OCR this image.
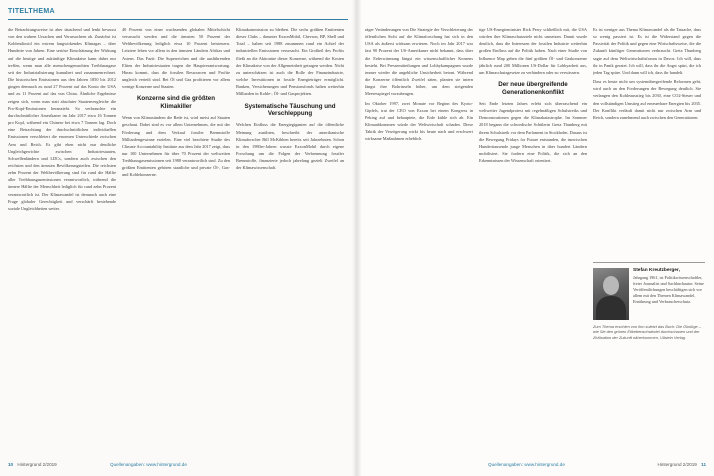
TITELTHEMA

die Betrachtungsweise ist aber täuschend und lenkt bewusst von den wahren Ursachen und Verursachern ab. Zunächst ist Kohlendioxid ein extrem langwirkendes Klimagas – über Hunderte von Jahren. Eine seriöse Einschätzung der Wirkung auf die heutige und zukünftige Klimakrise kann daher nur treffen, wenn man alle menschengemachten Treibhausgase seit der Industrialisierung kumuliert und zusammenrechnet. Die historischen Emissionen aus den Jahren 1850 bis 2012 gingen demnach zu rund 27 Prozent auf das Konto der USA und zu 11 Prozent auf das von China. Ähnliche Ergebnisse zeigen sich, wenn man statt absoluter Staatenvergleiche die Pro-Kopf-Emissionen heranzieht. So verbrauchte ein durchschnittlicher Amerikaner im Jahr 2017 etwa 16 Tonnen pro Kopf, während ein Chinese bei etwa 7 Tonnen lag. Doch eine Betrachtung der durchschnittlichen individuellen Emissionen verschleiert die enormen Unterschiede zwischen Arm und Reich. Es gibt eben nicht nur deutliche Ungleichgewichte zwischen Industriestaaten, Schwellenländern und LDCs, sondern auch zwischen den reichsten und den ärmsten Bevölkerungsteilen. Die reichsten zehn Prozent der Weltbevölkerung sind für rund die Hälfte aller Treibhausgasemissionen verantwortlich, während die ärmere Hälfte der Menschheit lediglich für rund zehn Prozent verantwortlich ist. Der Klimawandel ist demnach auch eine Frage globaler Gerechtigkeit und verschärft bestehende soziale Ungleichheiten weiter.

40 Prozent von einer wachsenden globalen Mittelschicht verursacht werden und die ärmsten 50 Prozent der Weltbevölkerung lediglich etwa 10 Prozent beisteuern. Letztere leben vor allem in den ärmsten Ländern Afrikas und Asiens. Das Fazit: Die Superreichen und die ausführenden Eliten der Industriestaaten tragen die Hauptverantwortung. Hinzu kommt, dass die fossilen Ressourcen und Profite ungleich verteilt sind. Bei Öl und Gas profitieren vor allem wenige Konzerne und Staaten.

Konzerne sind die größten Klimakiller

Wenn von Klimasündern die Rede ist, wird meist auf Staaten geschaut. Dabei sind es vor allem Unternehmen, die mit der Förderung und dem Verkauf fossiler Brennstoffe Milliardengewinne erzielen. Eine viel beachtete Studie des Climate Accountability Institute aus dem Jahr 2017 zeigt, dass nur 100 Unternehmen für über 70 Prozent der weltweiten Treibhausgasemissionen seit 1988 verantwortlich sind. Zu den größten Emittenten gehören staatliche und private Öl-, Gas- und Kohlekonzerne.

Klimakommission zu bleiben. Die sechs größten Emittenten dieser Clubs – darunter ExxonMobil, Chevron, BP, Shell und Total – haben seit 1988 zusammen rund ein Achtel der industriellen Emissionen verursacht. Ein Großteil des Profits fließt an die Aktionäre dieser Konzerne, während die Kosten der Klimakrise von der Allgemeinheit getragen werden. Nicht zu unterschätzen ist auch die Rolle der Finanzindustrie, welche Investitionen in fossile Energieträger ermöglicht. Banken, Versicherungen und Pensionsfonds halten weiterhin Milliarden in Kohle-, Öl- und Gasprojekten.

Systematische Täuschung und Verschleppung

Welchen Einfluss die Energiegiganten auf die öffentliche Meinung ausübten, beschreibt der amerikanische Klimaforscher Bill McKibben bereits seit Jahrzehnten. Schon in den 1980er-Jahren wusste ExxonMobil durch eigene Forschung um die Folgen der Verbrennung fossiler Brennstoffe, finanzierte jedoch jahrelang gezielt Zweifel an der Klimawissenschaft.

räger Veränderungen von Die Strategie der Verschleierung der öffentlichen Sicht auf die Klimaforschung hat sich in den USA als äußerst wirksam erwiesen. Noch im Jahr 2017 war fast 90 Prozent der US-Amerikaner nicht bekannt, dass über die Erderwärmung längst ein wissenschaftlicher Konsens besteht. Bei Pressemitteilungen und Lobbykampagnen wurde immer wieder die angebliche Unsicherheit betont. Während die Konzerne öffentlich Zweifel säten, planten sie intern längst ihre Bohrinseln höher, um dem steigenden Meeresspiegel vorzubeugen.

Im Oktober 1997, zwei Monate vor Beginn des Kyoto-Gipfels, trat der CEO von Exxon bei einem Kongress in Peking auf und behauptete, die Erde kühle sich ab. Ein Klimaabkommen würde der Weltwirtschaft schaden. Diese Taktik der Verzögerung wirkt bis heute nach und erschwert wirksame Maßnahmen erheblich.

tige US-Energieminister Rick Perry schließlich mit, die USA würden ihre Klimaschutzziele nicht umsetzen. Damit wurde deutlich, dass die Interessen der fossilen Industrie weiterhin großen Einfluss auf die Politik haben. Nach einer Studie von Influence Map geben die fünf größten Öl- und Gaskonzerne jährlich rund 200 Millionen US-Dollar für Lobbyarbeit aus, um Klimaschutzgesetze zu verhindern oder zu verwässern.

Der neue übergreifende Generationenkonflikt

Seit Ende letzten Jahres erlebt sich überraschend ein weltweiter Jugendprotest mit regelmäßigen Schulstreiks und Demonstrationen gegen die Klimakatastrophe. Im Sommer 2018 begann die schwedische Schülerin Greta Thunberg mit ihrem Schulstreik vor dem Parlament in Stockholm. Daraus ist die Bewegung Fridays for Future entstanden, die inzwischen Hunderttausende junge Menschen in über hundert Ländern mobilisiert. Sie fordern eine Politik, die sich an den Erkenntnissen der Wissenschaft orientiert.

Es ist weniger aus Thema Klimawandel als die Tatsache, dass so wenig passiert ist. Es ist die Widerstand gegen die Passivität der Politik und gegen eine Wirtschaftsweise, die die Zukunft künftiger Generationen verbraucht. Greta Thunberg sagte auf dem Weltwirtschaftsforum in Davos: Ich will, dass ihr in Panik geratet. Ich will, dass ihr die Angst spürt, die ich jeden Tag spüre. Und dann will ich, dass ihr handelt.

Dass es heute nicht um systemübergreifende Reformen geht, wird auch an den Forderungen der Bewegung deutlich. Sie verlangen den Kohleausstieg bis 2030, eine CO2-Steuer und den vollständigen Umstieg auf erneuerbare Energien bis 2035. Der Konflikt verläuft damit nicht nur zwischen Arm und Reich, sondern zunehmend auch zwischen den Generationen.

Stefan Kreutzberger,
Jahrgang 1961, ist Politikwissenschaftler, freier Journalist und Sachbuchautor. Seine Veröffentlichungen beschäftigen sich vor allem mit den Themen Klimawandel, Ernährung und Verbraucherschutz.
Zum Thema erschien von ihm zuletzt das Buch: Die Ökolüge – wie Sie den grünen Etikettenschwindel durchschauen und der Zivilisation der Zukunft näherkommen, Ullstein Verlag.
10 Hintergrund 2/2019	Quellenangaben: www.hintergrund.de	Quellenangaben: www.hintergrund.de	Hintergrund 2/2019 11
